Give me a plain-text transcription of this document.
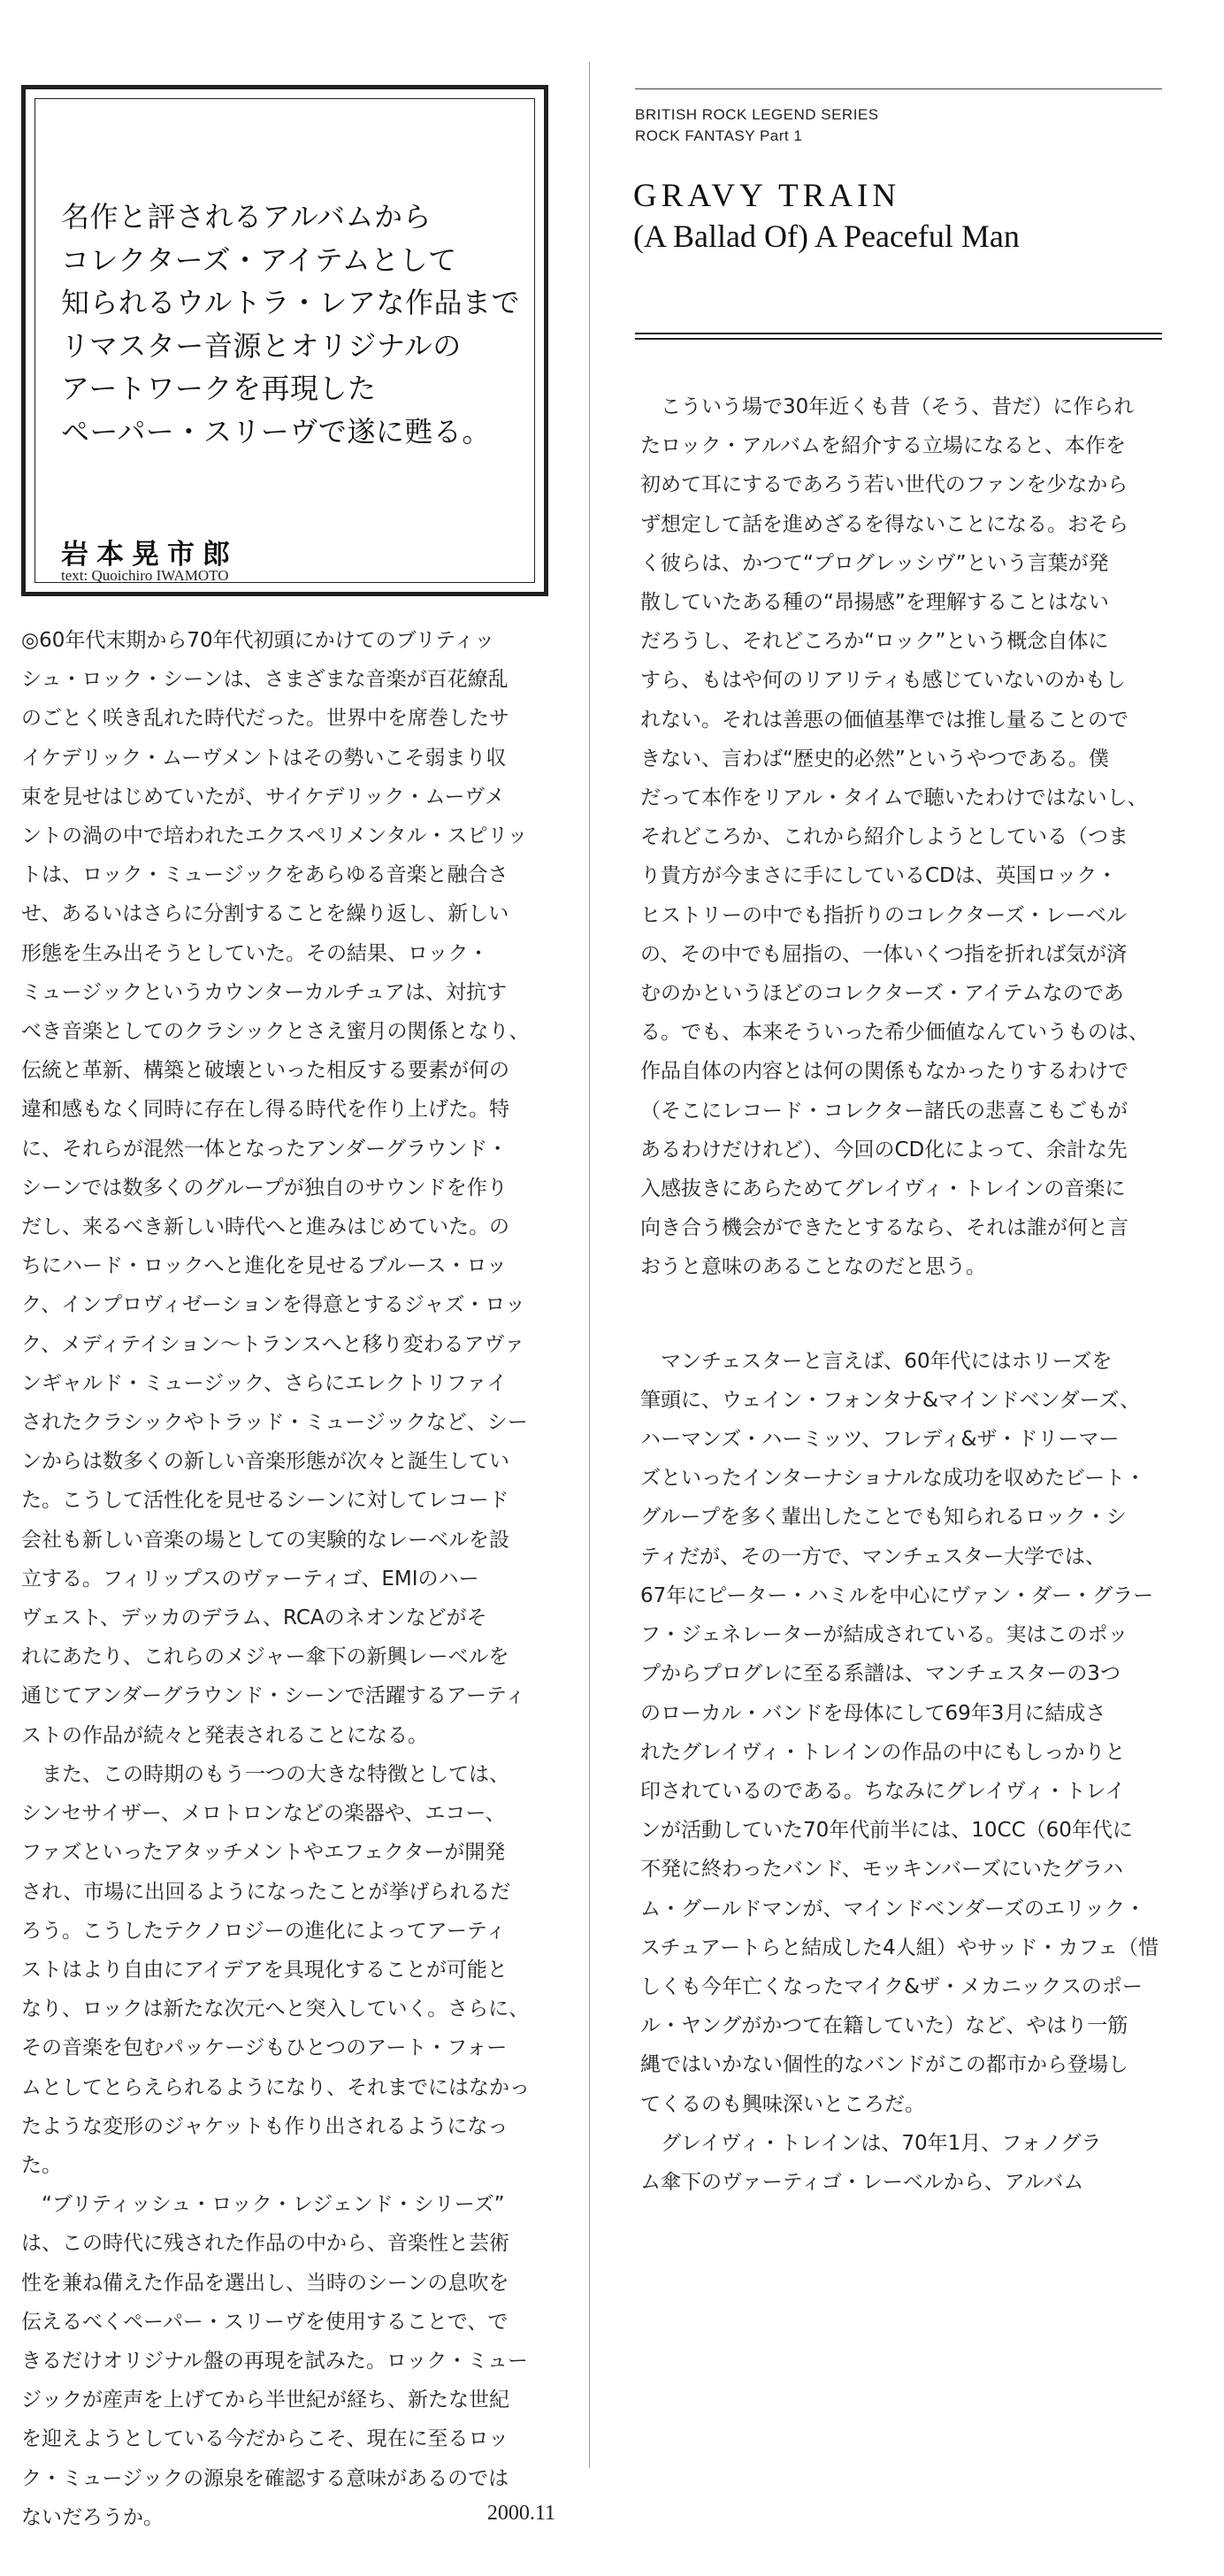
名作と評されるアルバムから
コレクターズ・アイテムとして
知られるウルトラ・レアな作品まで
リマスター音源とオリジナルの
アートワークを再現した
ペーパー・スリーヴで遂に甦る。
岩本晃市郎
text: Quoichiro IWAMOTO

◎60年代末期から70年代初頭にかけてのブリティッ
シュ・ロック・シーンは、さまざまな音楽が百花繚乱
のごとく咲き乱れた時代だった。世界中を席巻したサ
イケデリック・ムーヴメントはその勢いこそ弱まり収
束を見せはじめていたが、サイケデリック・ムーヴメ
ントの渦の中で培われたエクスペリメンタル・スピリッ
トは、ロック・ミュージックをあらゆる音楽と融合さ
せ、あるいはさらに分割することを繰り返し、新しい
形態を生み出そうとしていた。その結果、ロック・
ミュージックというカウンターカルチュアは、対抗す
べき音楽としてのクラシックとさえ蜜月の関係となり、
伝統と革新、構築と破壊といった相反する要素が何の
違和感もなく同時に存在し得る時代を作り上げた。特
に、それらが混然一体となったアンダーグラウンド・
シーンでは数多くのグループが独自のサウンドを作り
だし、来るべき新しい時代へと進みはじめていた。の
ちにハード・ロックへと進化を見せるブルース・ロッ
ク、インプロヴィゼーションを得意とするジャズ・ロッ
ク、メディテイション〜トランスへと移り変わるアヴァ
ンギャルド・ミュージック、さらにエレクトリファイ
されたクラシックやトラッド・ミュージックなど、シー
ンからは数多くの新しい音楽形態が次々と誕生してい
た。こうして活性化を見せるシーンに対してレコード
会社も新しい音楽の場としての実験的なレーベルを設
立する。フィリップスのヴァーティゴ、EMIのハー
ヴェスト、デッカのデラム、RCAのネオンなどがそ
れにあたり、これらのメジャー傘下の新興レーベルを
通じてアンダーグラウンド・シーンで活躍するアーティ
ストの作品が続々と発表されることになる。

　また、この時期のもう一つの大きな特徴としては、
シンセサイザー、メロトロンなどの楽器や、エコー、
ファズといったアタッチメントやエフェクターが開発
され、市場に出回るようになったことが挙げられるだ
ろう。こうしたテクノロジーの進化によってアーティ
ストはより自由にアイデアを具現化することが可能と
なり、ロックは新たな次元へと突入していく。さらに、
その音楽を包むパッケージもひとつのアート・フォー
ムとしてとらえられるようになり、それまでにはなかっ
たような変形のジャケットも作り出されるようになっ
た。

　“ブリティッシュ・ロック・レジェンド・シリーズ”
は、この時代に残された作品の中から、音楽性と芸術
性を兼ね備えた作品を選出し、当時のシーンの息吹を
伝えるべくペーパー・スリーヴを使用することで、で
きるだけオリジナル盤の再現を試みた。ロック・ミュー
ジックが産声を上げてから半世紀が経ち、新たな世紀
を迎えようとしている今だからこそ、現在に至るロッ
ク・ミュージックの源泉を確認する意味があるのでは
ないだろうか。	2000.11
BRITISH ROCK LEGEND SERIES
ROCK FANTASY Part 1
GRAVY TRAIN
(A Ballad Of) A Peaceful Man

　こういう場で30年近くも昔（そう、昔だ）に作られ
たロック・アルバムを紹介する立場になると、本作を
初めて耳にするであろう若い世代のファンを少なから
ず想定して話を進めざるを得ないことになる。おそら
く彼らは、かつて“プログレッシヴ”という言葉が発
散していたある種の“昂揚感”を理解することはない
だろうし、それどころか“ロック”という概念自体に
すら、もはや何のリアリティも感じていないのかもし
れない。それは善悪の価値基準では推し量ることので
きない、言わば“歴史的必然”というやつである。僕
だって本作をリアル・タイムで聴いたわけではないし、
それどころか、これから紹介しようとしている（つま
り貴方が今まさに手にしているCDは、英国ロック・
ヒストリーの中でも指折りのコレクターズ・レーベル
の、その中でも屈指の、一体いくつ指を折れば気が済
むのかというほどのコレクターズ・アイテムなのであ
る。でも、本来そういった希少価値なんていうものは、
作品自体の内容とは何の関係もなかったりするわけで
（そこにレコード・コレクター諸氏の悲喜こもごもが
あるわけだけれど）、今回のCD化によって、余計な先
入感抜きにあらためてグレイヴィ・トレインの音楽に
向き合う機会ができたとするなら、それは誰が何と言
おうと意味のあることなのだと思う。

　マンチェスターと言えば、60年代にはホリーズを
筆頭に、ウェイン・フォンタナ&マインドベンダーズ、
ハーマンズ・ハーミッツ、フレディ&ザ・ドリーマー
ズといったインターナショナルな成功を収めたビート・
グループを多く輩出したことでも知られるロック・シ
ティだが、その一方で、マンチェスター大学では、
67年にピーター・ハミルを中心にヴァン・ダー・グラー
フ・ジェネレーターが結成されている。実はこのポッ
プからプログレに至る系譜は、マンチェスターの3つ
のローカル・バンドを母体にして69年3月に結成さ
れたグレイヴィ・トレインの作品の中にもしっかりと
印されているのである。ちなみにグレイヴィ・トレイ
ンが活動していた70年代前半には、10CC（60年代に
不発に終わったバンド、モッキンバーズにいたグラハ
ム・グールドマンが、マインドベンダーズのエリック・
スチュアートらと結成した4人組）やサッド・カフェ（惜
しくも今年亡くなったマイク&ザ・メカニックスのポー
ル・ヤングがかつて在籍していた）など、やはり一筋
縄ではいかない個性的なバンドがこの都市から登場し
てくるのも興味深いところだ。

　グレイヴィ・トレインは、70年1月、フォノグラ
ム傘下のヴァーティゴ・レーベルから、アルバム
